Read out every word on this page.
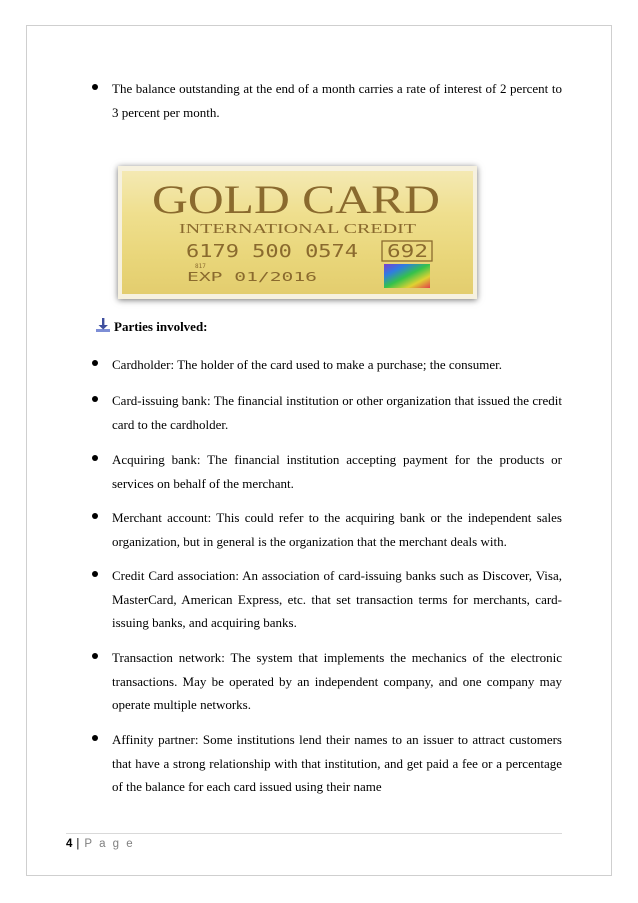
The balance outstanding at the end of a month carries a rate of interest of 2 percent to 3 percent per month.

GOLD CARD
INTERNATIONAL CREDIT
6179 500 0574 692
817
EXP 01/2016
Parties involved:

Cardholder: The holder of the card used to make a purchase; the consumer.

Card-issuing bank: The financial institution or other organization that issued the credit card to the cardholder.

Acquiring bank: The financial institution accepting payment for the products or services on behalf of the merchant.

Merchant account: This could refer to the acquiring bank or the independent sales organization, but in general is the organization that the merchant deals with.

Credit Card association: An association of card-issuing banks such as Discover, Visa, MasterCard, American Express, etc. that set transaction terms for merchants, card-issuing banks, and acquiring banks.

Transaction network: The system that implements the mechanics of the electronic transactions. May be operated by an independent company, and one company may operate multiple networks.

Affinity partner: Some institutions lend their names to an issuer to attract customers that have a strong relationship with that institution, and get paid a fee or a percentage of the balance for each card issued using their name

4 | P a g e
